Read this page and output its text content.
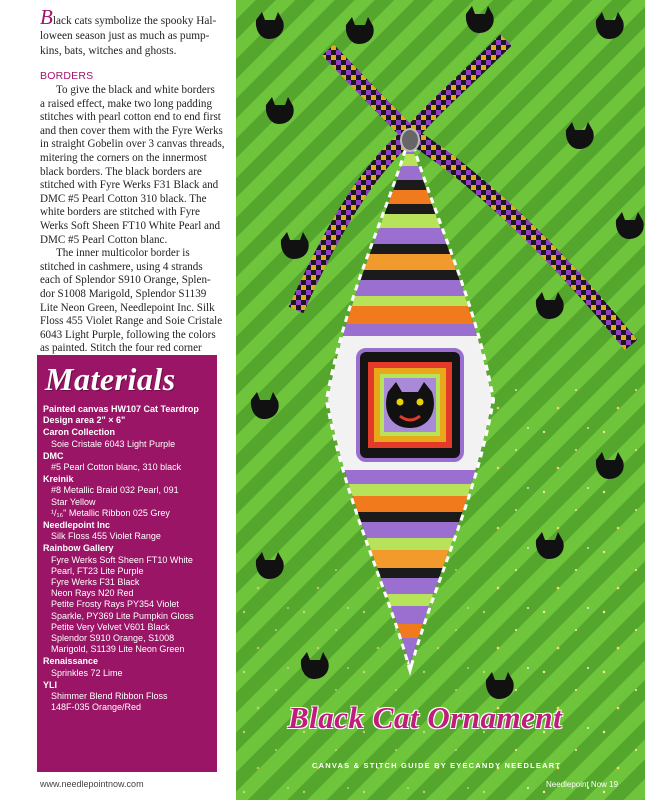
Black cats symbolize the spooky Hal-
loween season just as much as pump-
kins, bats, witches and ghosts.
BORDERS

To give the black and white borders
a raised effect, make two long padding
stitches with pearl cotton end to end first
and then cover them with the Fyre Werks
in straight Gobelin over 3 canvas threads,
mitering the corners on the innermost
black borders. The black borders are
stitched with Fyre Werks F31 Black and
DMC #5 Pearl Cotton 310 black. The
white borders are stitched with Fyre
Werks Soft Sheen FT10 White Pearl and
DMC #5 Pearl Cotton blanc.

The inner multicolor border is
stitched in cashmere, using 4 strands
each of Splendor S910 Orange, Splen-
dor S1008 Marigold, Splendor S1139
Lite Neon Green, Needlepoint Inc. Silk
Floss 455 Violet Range and Soie Cristale
6043 Light Purple, following the colors
as painted. Stitch the four red corner

Materials
Painted canvas HW107 Cat Teardrop
Design area 2" × 6"
Caron Collection
Soie Cristale 6043 Light Purple
DMC
#5 Pearl Cotton blanc, 310 black
Kreinik
#8 Metallic Braid 032 Pearl, 091
Star Yellow
¹/₁₆" Metallic Ribbon 025 Grey
Needlepoint Inc
Silk Floss 455 Violet Range
Rainbow Gallery
Fyre Werks Soft Sheen FT10 White
Pearl, FT23 Lite Purple
Fyre Werks F31 Black
Neon Rays N20 Red
Petite Frosty Rays PY354 Violet
Sparkle, PY369 Lite Pumpkin Gloss
Petite Very Velvet V601 Black
Splendor S910 Orange, S1008
Marigold, S1139 Lite Neon Green
Renaissance
Sprinkles 72 Lime
YLI
Shimmer Blend Ribbon Floss
148F-035 Orange/Red
www.needlepointnow.com
Black Cat Ornament
CANVAS & STITCH GUIDE BY EYECANDY NEEDLEART
Needlepoint Now 19
